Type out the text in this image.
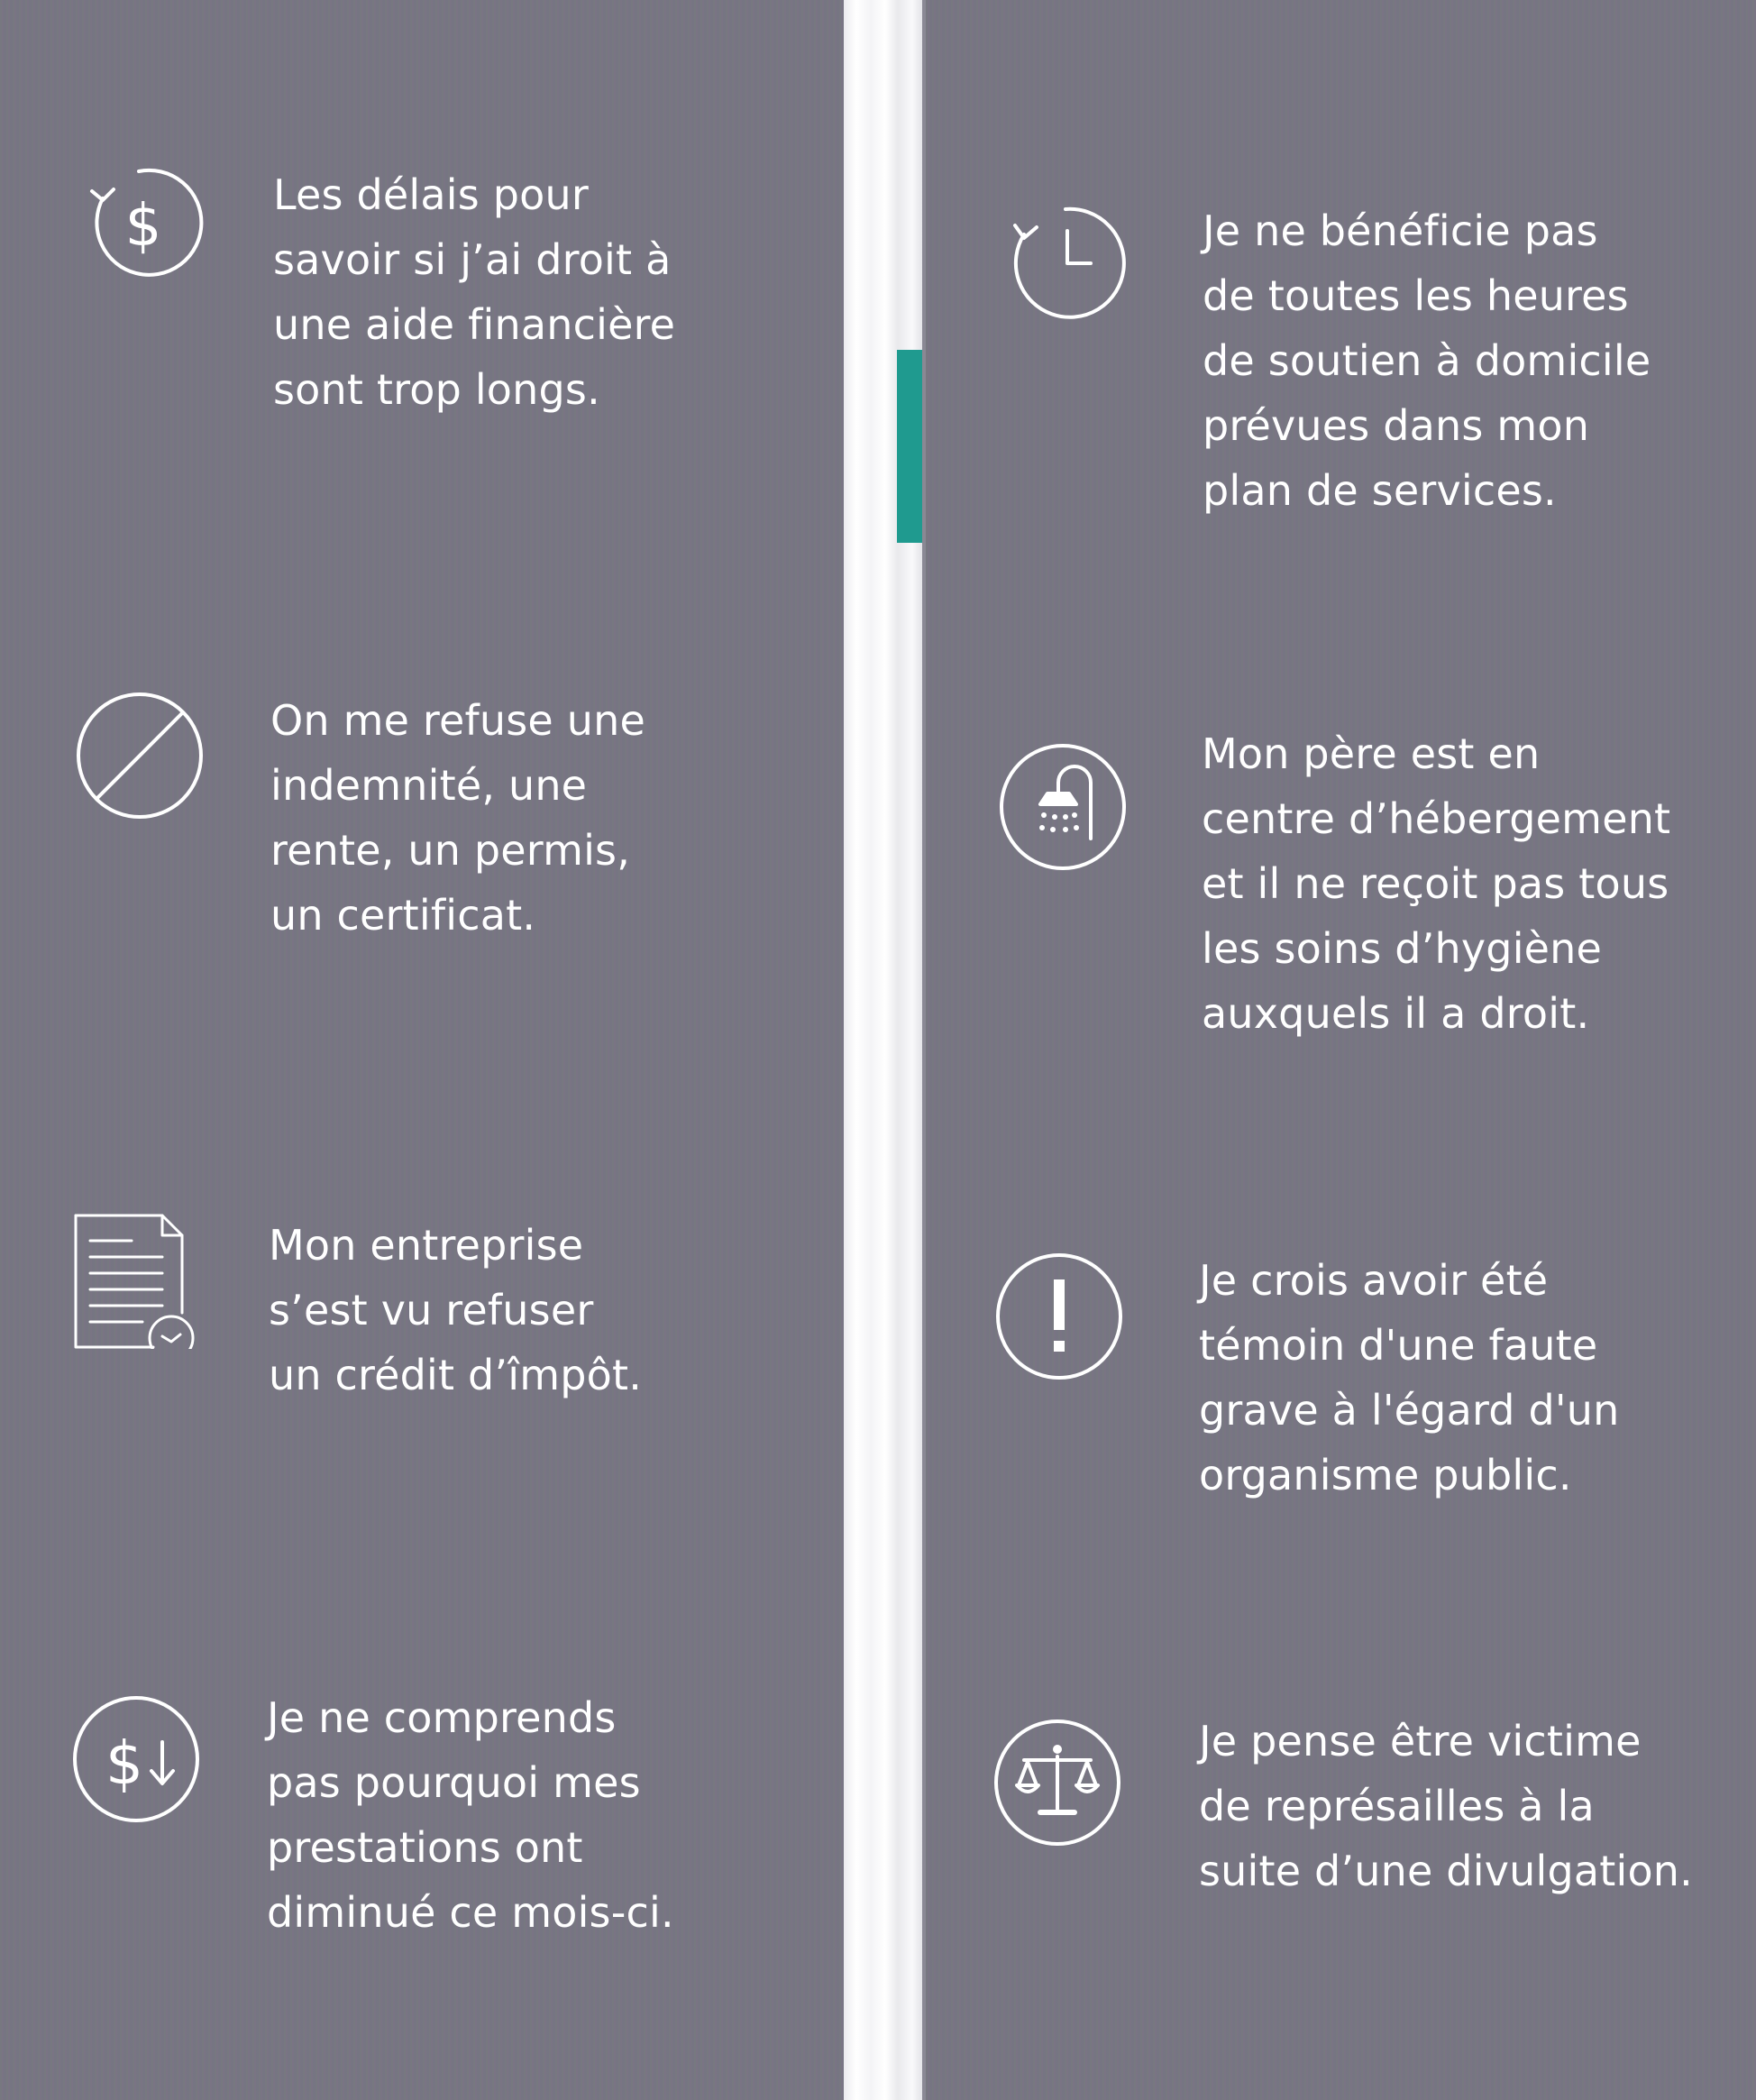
$	Les délais pour
savoir si j’ai droit à
une aide financière
sont trop longs.
On me refuse une
indemnité, une
rente, un permis,
un certificat.
Mon entreprise
s’est vu refuser
un crédit d’împôt.
$
Je ne comprends
pas pourquoi mes
prestations ont
diminué ce mois-ci.
Je ne bénéficie pas
de toutes les heures
de soutien à domicile
prévues dans mon
plan de services.
Mon père est en
centre d’hébergement
et il ne reçoit pas tous
les soins d’hygiène
auxquels il a droit.
Je crois avoir été
témoin d'une faute
grave à l'égard d'un
organisme public.
Je pense être victime
de représailles à la
suite d’une divulgation.
